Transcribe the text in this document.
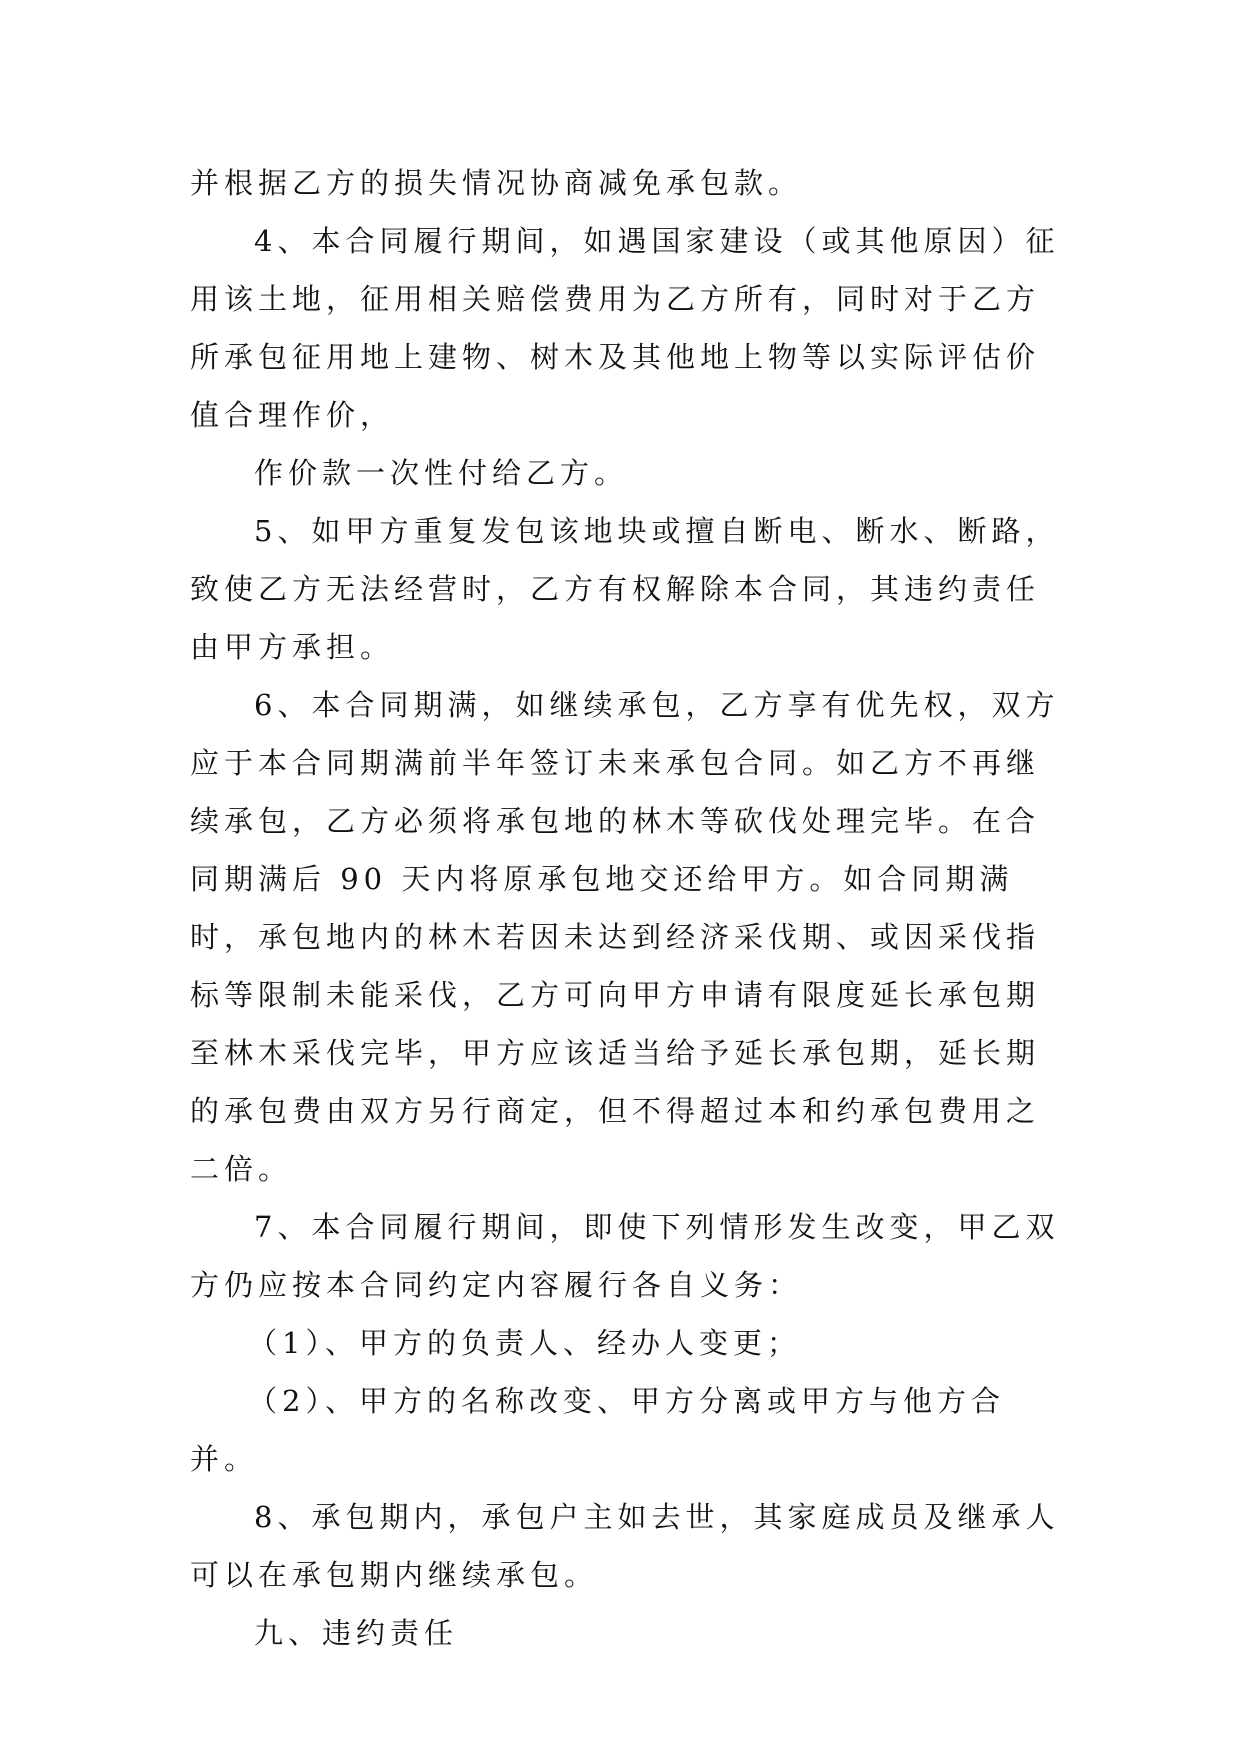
并根据乙方的损失情况协商减免承包款。

4、本合同履行期间，如遇国家建设（或其他原因）征用该土地，征用相关赔偿费用为乙方所有，同时对于乙方所承包征用地上建物、树木及其他地上物等以实际评估价值合理作价，

作价款一次性付给乙方。

5、如甲方重复发包该地块或擅自断电、断水、断路，致使乙方无法经营时，乙方有权解除本合同，其违约责任由甲方承担。

6、本合同期满，如继续承包，乙方享有优先权，双方应于本合同期满前半年签订未来承包合同。如乙方不再继续承包，乙方必须将承包地的林木等砍伐处理完毕。在合同期满后 90 天内将原承包地交还给甲方。如合同期满时，承包地内的林木若因未达到经济采伐期、或因采伐指标等限制未能采伐，乙方可向甲方申请有限度延长承包期至林木采伐完毕，甲方应该适当给予延长承包期，延长期的承包费由双方另行商定，但不得超过本和约承包费用之二倍。

7、本合同履行期间，即使下列情形发生改变，甲乙双方仍应按本合同约定内容履行各自义务：

（1）、甲方的负责人、经办人变更；

（2）、甲方的名称改变、甲方分离或甲方与他方合并。

8、承包期内，承包户主如去世，其家庭成员及继承人可以在承包期内继续承包。

九、违约责任
